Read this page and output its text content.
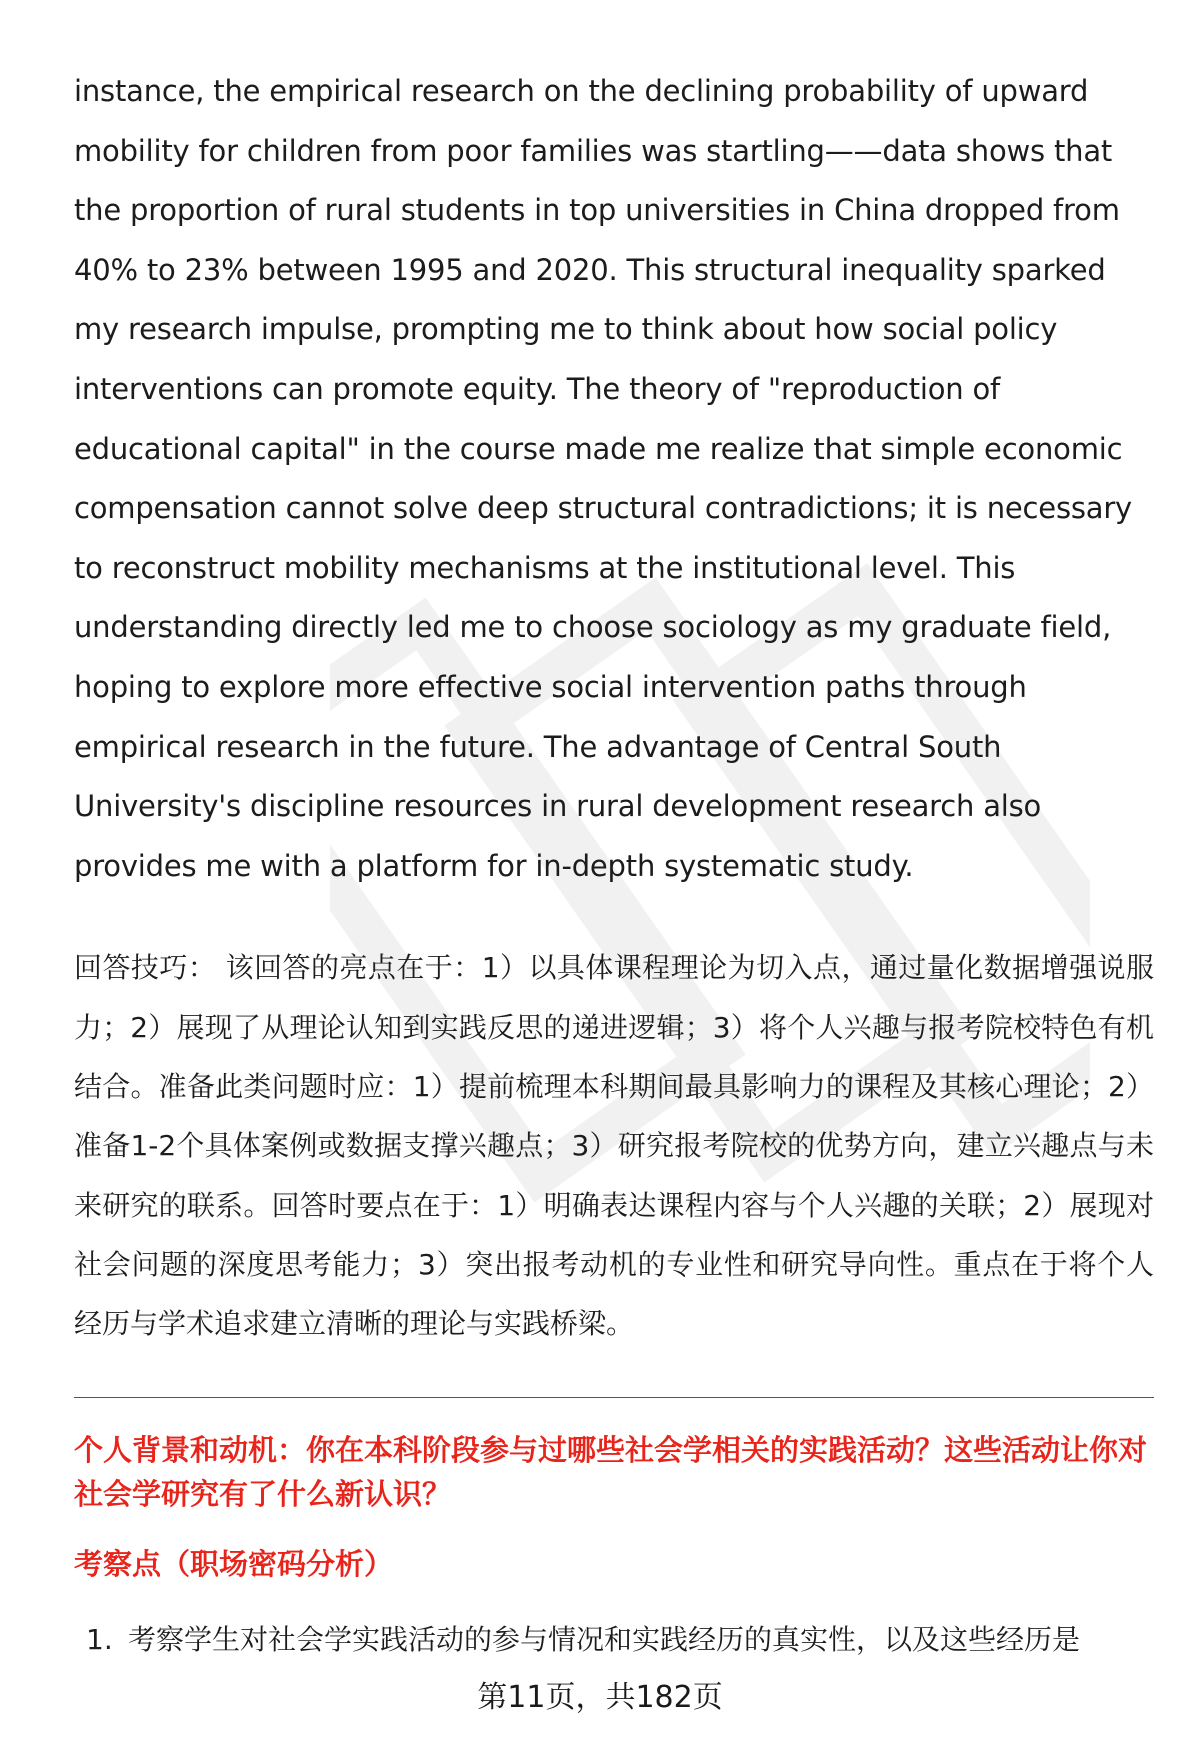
instance, the empirical research on the declining probability of upward mobility for children from poor families was startling——data shows that the proportion of rural students in top universities in China dropped from 40% to 23% between 1995 and 2020. This structural inequality sparked my research impulse, prompting me to think about how social policy interventions can promote equity. The theory of "reproduction of educational capital" in the course made me realize that simple economic compensation cannot solve deep structural contradictions; it is necessary to reconstruct mobility mechanisms at the institutional level. This understanding directly led me to choose sociology as my graduate field, hoping to explore more effective social intervention paths through empirical research in the future. The advantage of Central South University's discipline resources in rural development research also provides me with a platform for in-depth systematic study.

回答技巧： 该回答的亮点在于：1）以具体课程理论为切入点，通过量化数据增强说服力；2）展现了从理论认知到实践反思的递进逻辑；3）将个人兴趣与报考院校特色有机结合。准备此类问题时应：1）提前梳理本科期间最具影响力的课程及其核心理论；2）准备1-2个具体案例或数据支撑兴趣点；3）研究报考院校的优势方向，建立兴趣点与未来研究的联系。回答时要点在于：1）明确表达课程内容与个人兴趣的关联；2）展现对社会问题的深度思考能力；3）突出报考动机的专业性和研究导向性。重点在于将个人经历与学术追求建立清晰的理论与实践桥梁。
个人背景和动机：你在本科阶段参与过哪些社会学相关的实践活动？这些活动让你对社会学研究有了什么新认识？
考察点（职场密码分析）
1. 考察学生对社会学实践活动的参与情况和实践经历的真实性，以及这些经历是
第11页，共182页
